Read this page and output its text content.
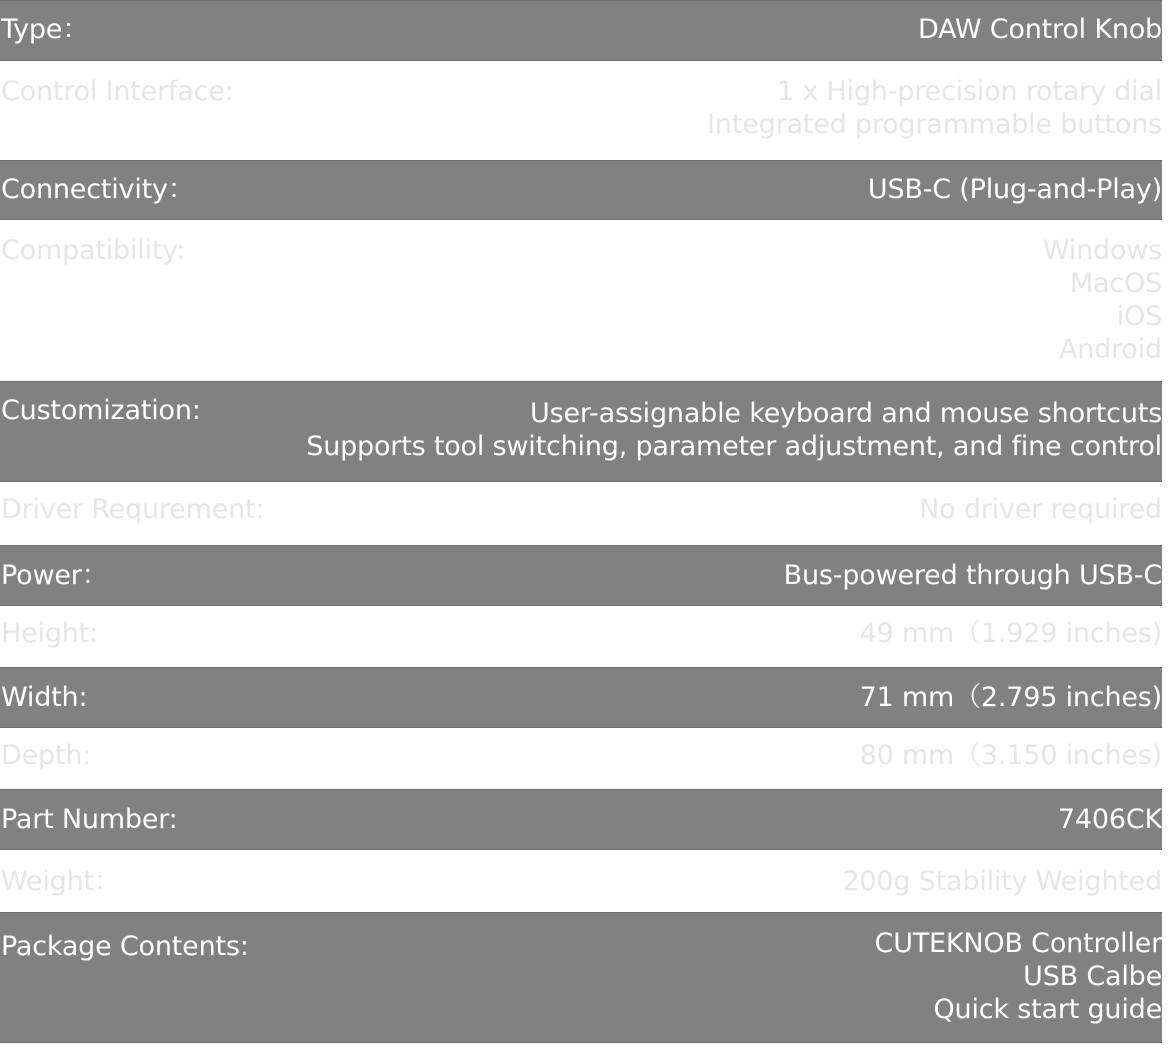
Type：	DAW Control Knob
Control Interface:	1 x High-precision rotary dial
Integrated programmable buttons
Connectivity：	USB-C (Plug-and-Play)
Compatibility:	Windows
MacOS
iOS
Android
Customization:	User-assignable keyboard and mouse shortcuts
Supports tool switching, parameter adjustment, and fine control
Driver Requrement:	No driver required
Power：	Bus-powered through USB-C
Height:	49 mm（1.929 inches)
Width:	71 mm（2.795 inches)
Depth:	80 mm（3.150 inches)
Part Number:	7406CK
Weight：	200g Stability Weighted
Package Contents:	CUTEKNOB Controller
USB Calbe
Quick start guide
